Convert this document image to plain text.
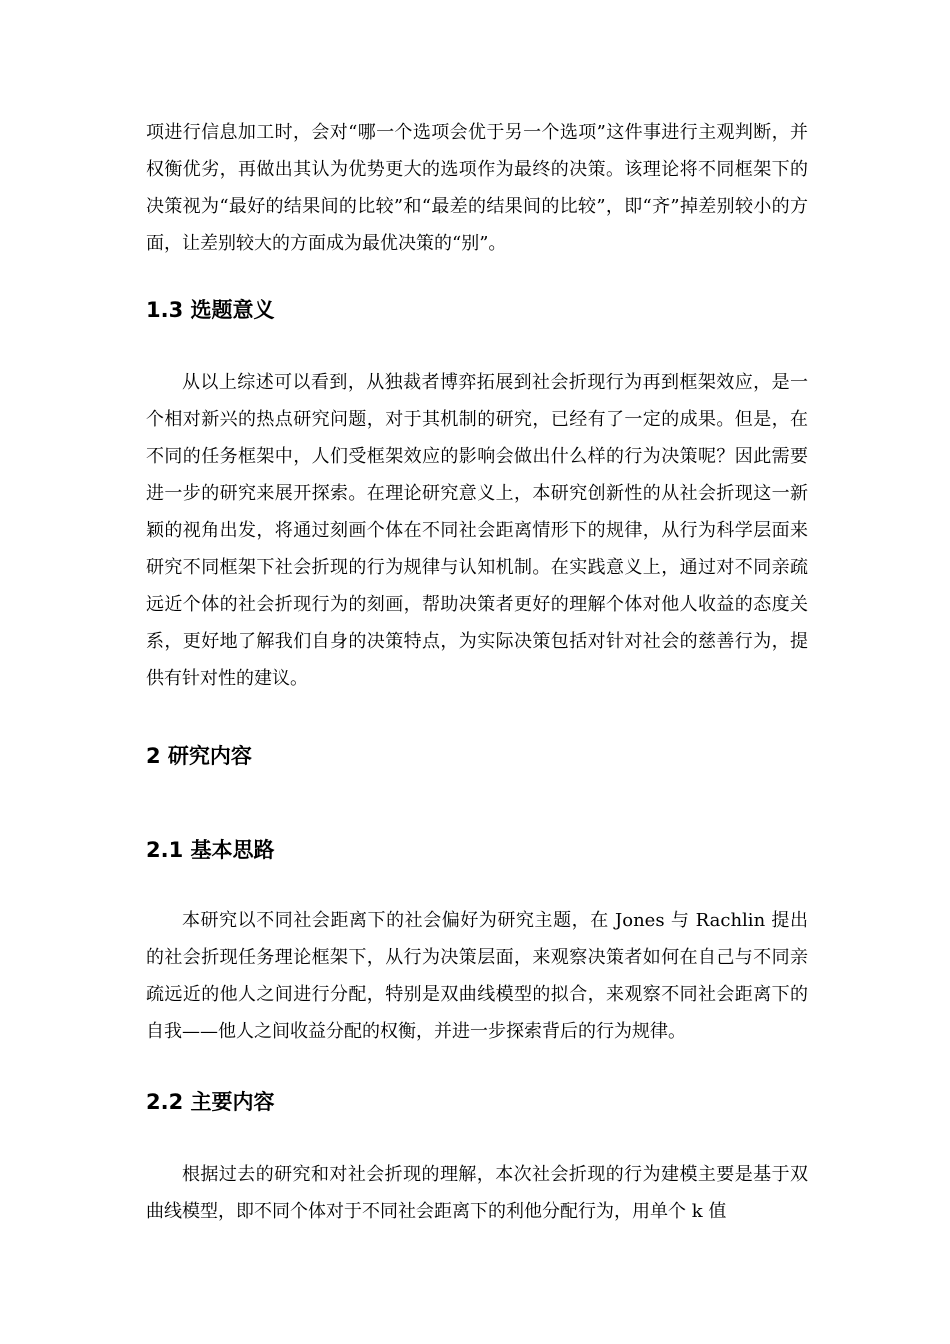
项进行信息加工时，会对“哪一个选项会优于另一个选项”这件事进行主观判断，并权衡优劣，再做出其认为优势更大的选项作为最终的决策。该理论将不同框架下的决策视为“最好的结果间的比较”和“最差的结果间的比较”，即“齐”掉差别较小的方面，让差别较大的方面成为最优决策的“别”。

1.3 选题意义

从以上综述可以看到，从独裁者博弈拓展到社会折现行为再到框架效应，是一个相对新兴的热点研究问题，对于其机制的研究，已经有了一定的成果。但是，在不同的任务框架中，人们受框架效应的影响会做出什么样的行为决策呢？因此需要进一步的研究来展开探索。在理论研究意义上，本研究创新性的从社会折现这一新颖的视角出发，将通过刻画个体在不同社会距离情形下的规律，从行为科学层面来研究不同框架下社会折现的行为规律与认知机制。在实践意义上，通过对不同亲疏远近个体的社会折现行为的刻画，帮助决策者更好的理解个体对他人收益的态度关系，更好地了解我们自身的决策特点，为实际决策包括对针对社会的慈善行为，提供有针对性的建议。

2 研究内容
2.1 基本思路

本研究以不同社会距离下的社会偏好为研究主题，在 Jones 与 Rachlin 提出的社会折现任务理论框架下，从行为决策层面，来观察决策者如何在自己与不同亲疏远近的他人之间进行分配，特别是双曲线模型的拟合，来观察不同社会距离下的自我——他人之间收益分配的权衡，并进一步探索背后的行为规律。

2.2 主要内容

根据过去的研究和对社会折现的理解，本次社会折现的行为建模主要是基于双曲线模型，即不同个体对于不同社会距离下的利他分配行为，用单个 k 值
